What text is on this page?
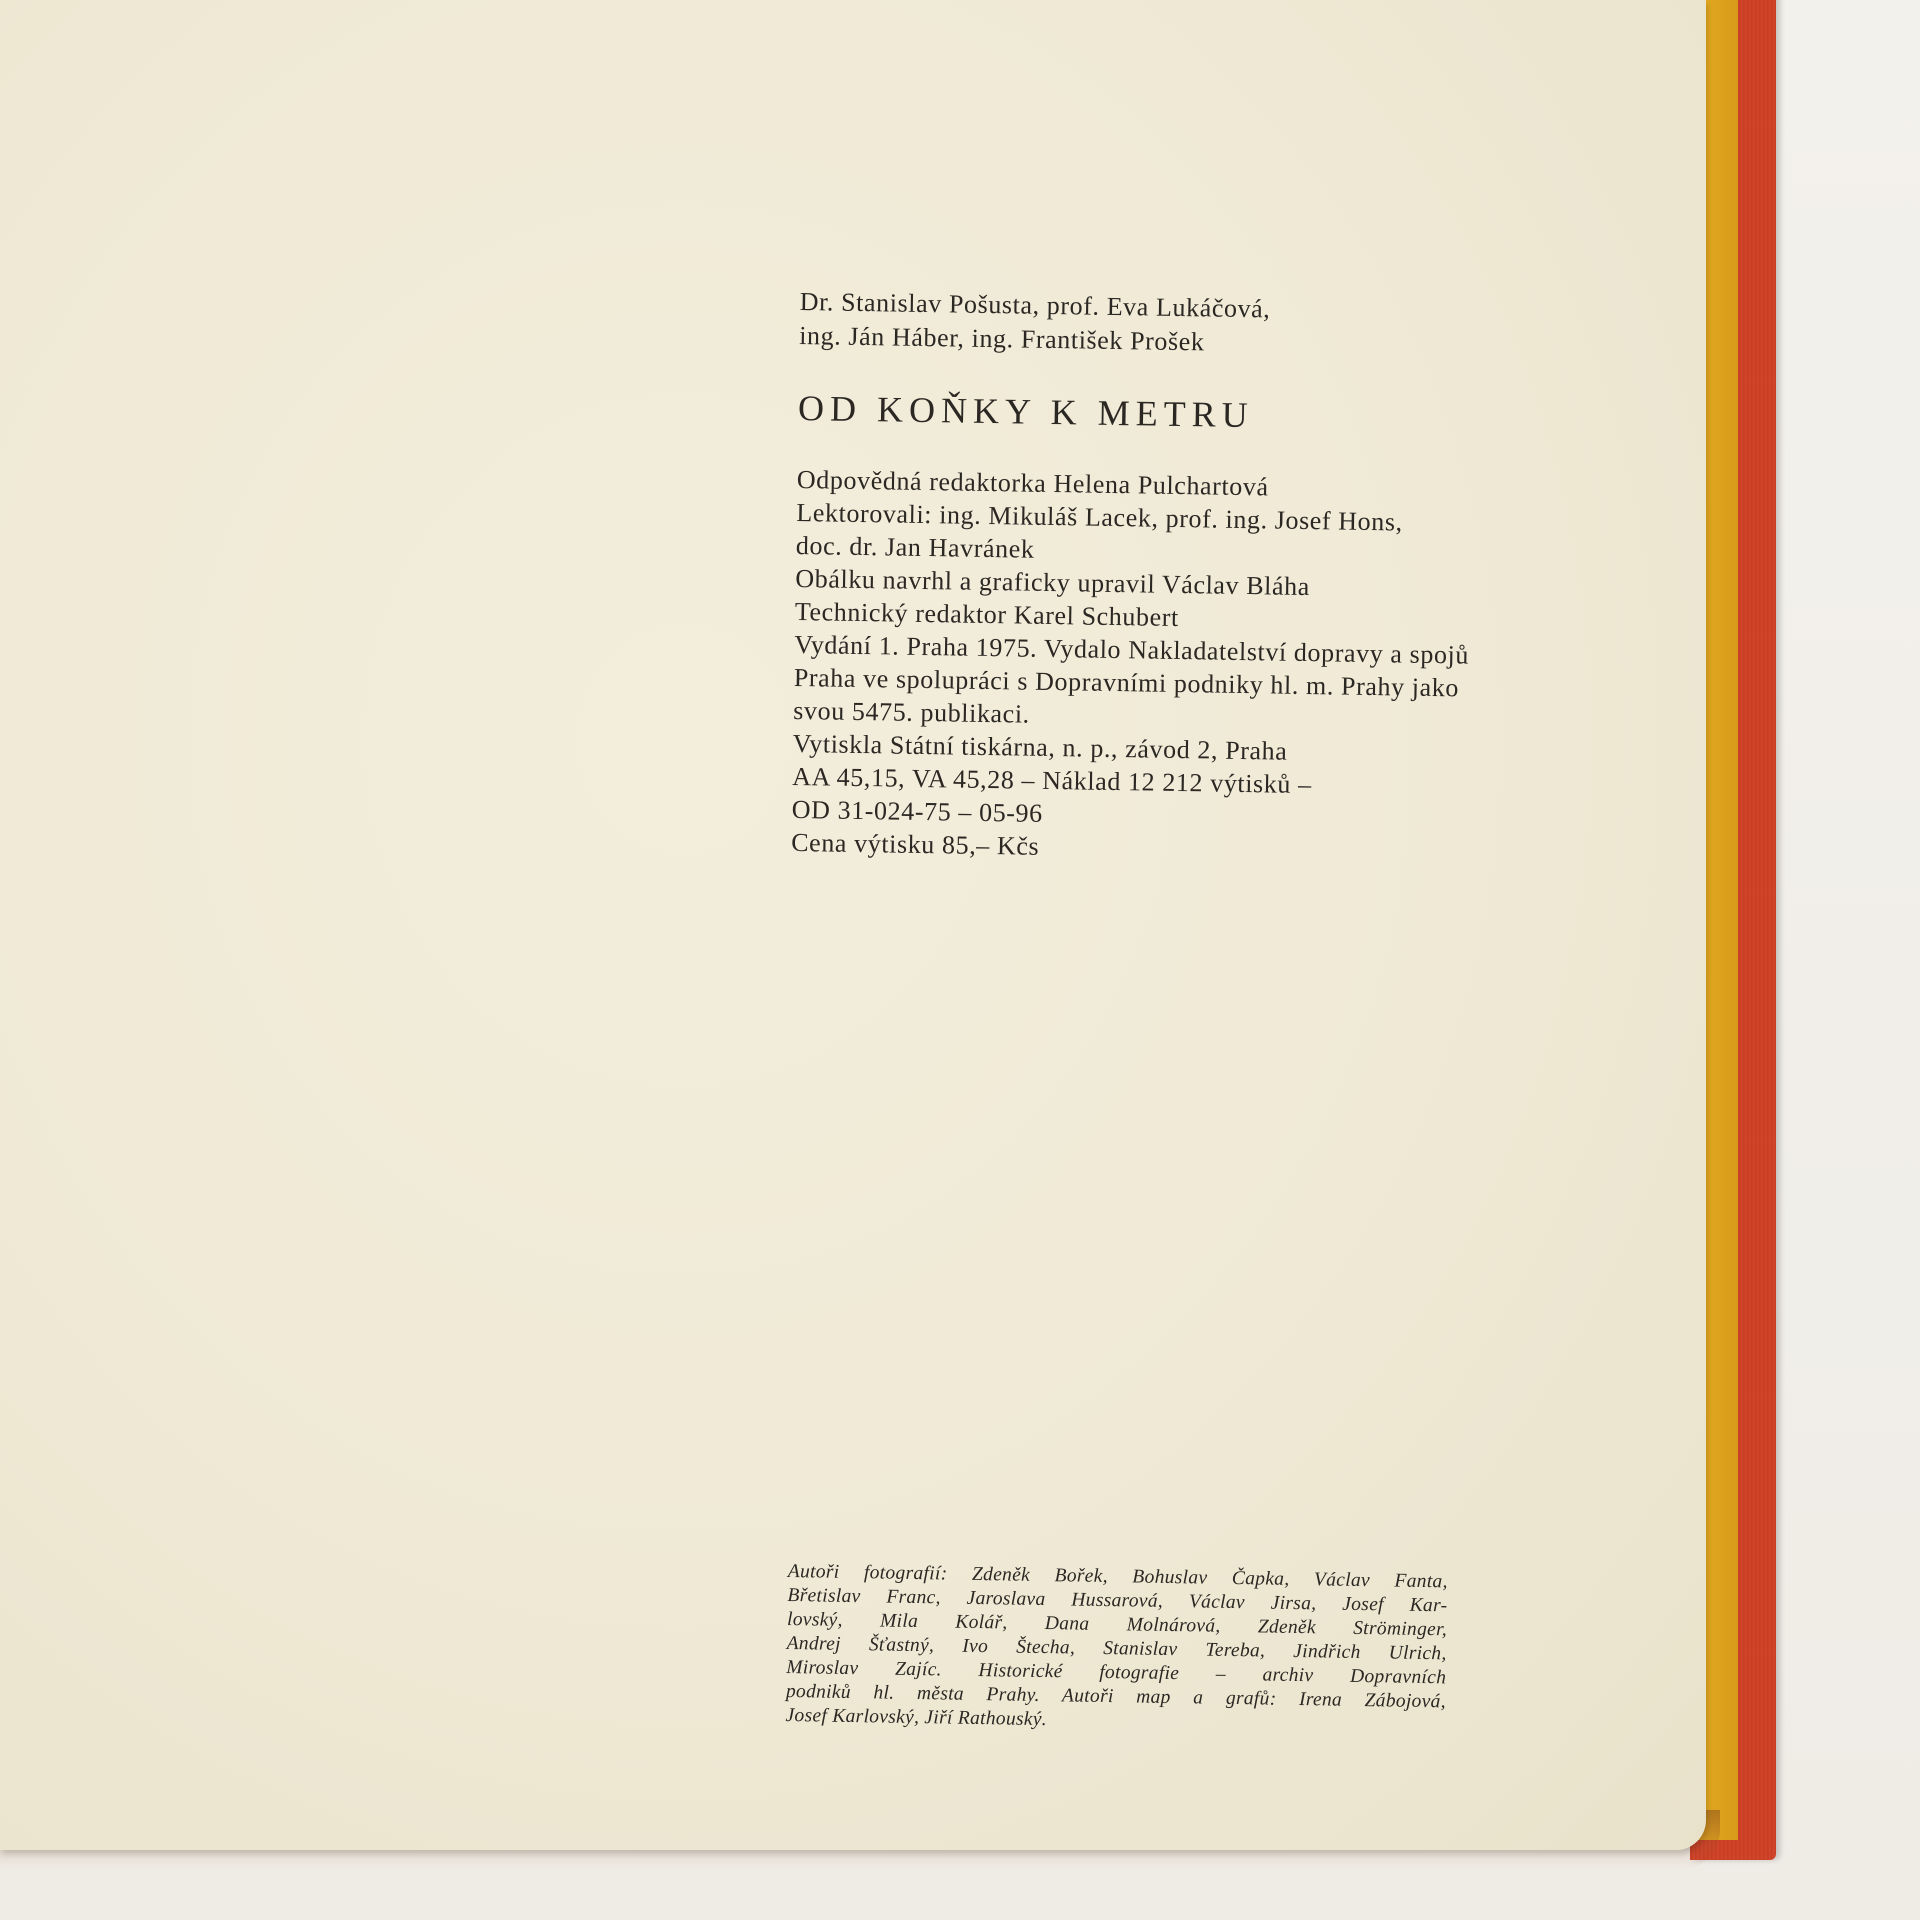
Dr. Stanislav Pošusta, prof. Eva Lukáčová,
ing. Ján Háber, ing. František Prošek
OD KOŇKY K METRU
Odpovědná redaktorka Helena Pulchartová
Lektorovali: ing. Mikuláš Lacek, prof. ing. Josef Hons,
doc. dr. Jan Havránek
Obálku navrhl a graficky upravil Václav Bláha
Technický redaktor Karel Schubert
Vydání 1. Praha 1975. Vydalo Nakladatelství dopravy a spojů
Praha ve spolupráci s Dopravními podniky hl. m. Prahy jako
svou 5475. publikaci.
Vytiskla Státní tiskárna, n. p., závod 2, Praha
AA 45,15, VA 45,28 – Náklad 12 212 výtisků –
OD 31-024-75 – 05-96
Cena výtisku 85,– Kčs
Autoři fotografií: Zdeněk Bořek, Bohuslav Čapka, Václav Fanta,
Břetislav Franc, Jaroslava Hussarová, Václav Jirsa, Josef Kar-
lovský, Mila Kolář, Dana Molnárová, Zdeněk Ströminger,
Andrej Šťastný, Ivo Štecha, Stanislav Tereba, Jindřich Ulrich,
Miroslav Zajíc. Historické fotografie – archiv Dopravních
podniků hl. města Prahy. Autoři map a grafů: Irena Zábojová,
Josef Karlovský, Jiří Rathouský.
